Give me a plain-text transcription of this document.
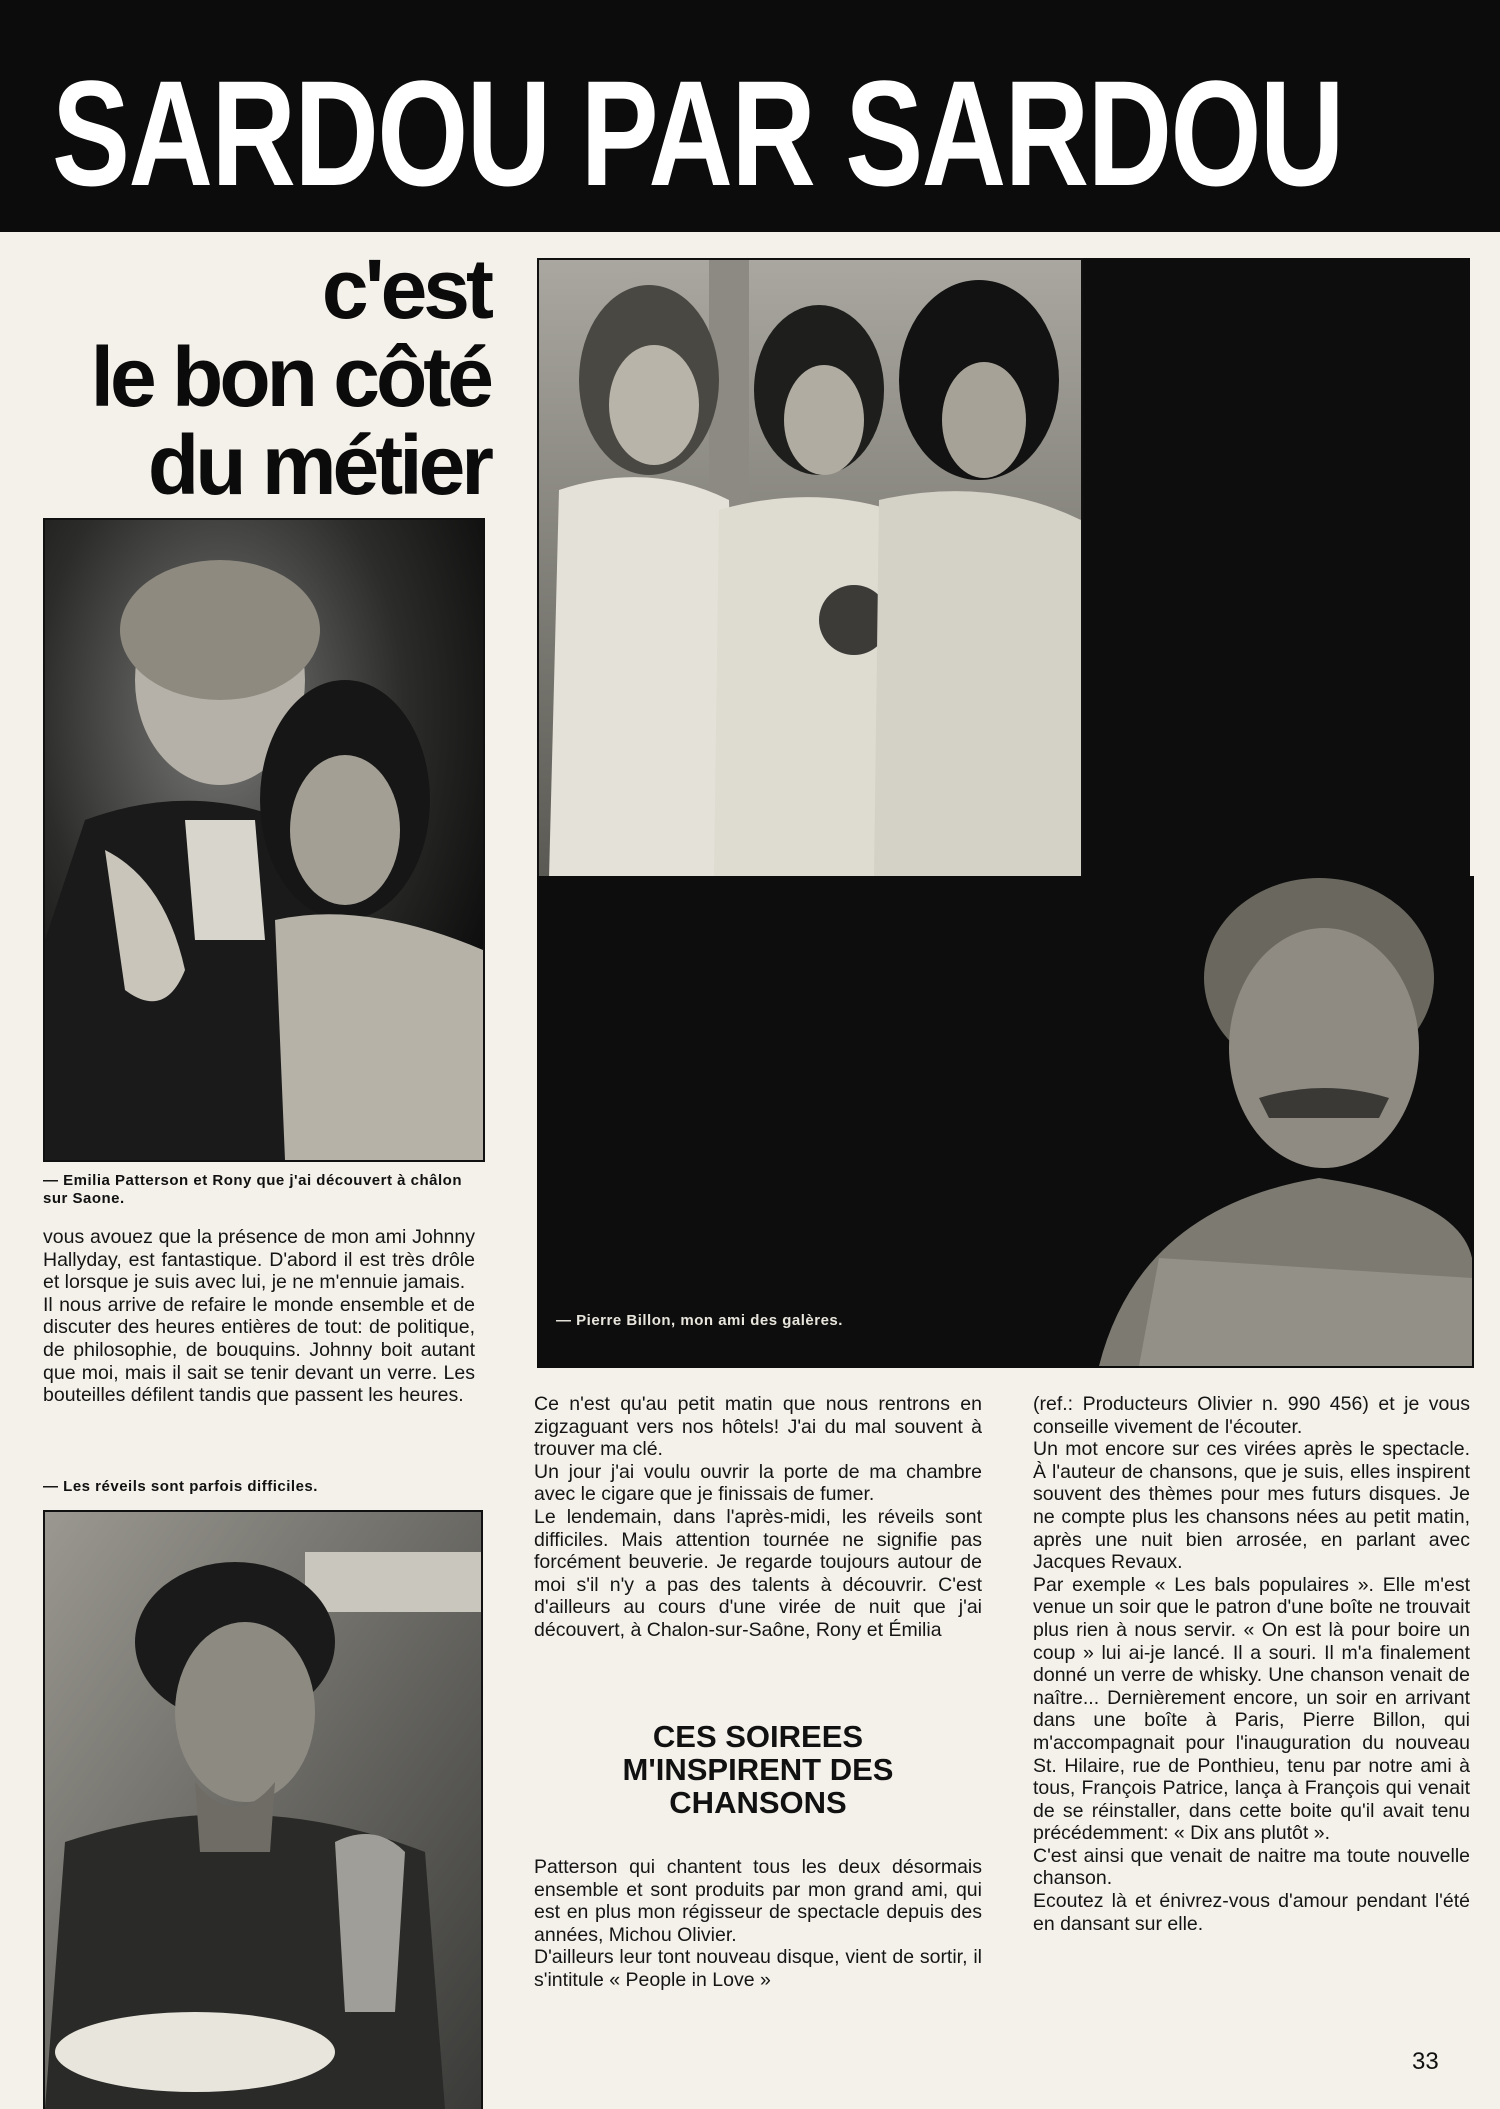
SARDOU PAR SARDOU
c'est
le bon côté
du métier
— Emilia Patterson et Rony que j'ai découvert à châlon sur Saone.

vous avouez que la présence de mon ami Johnny Hallyday, est fantastique. D'abord il est très drôle et lorsque je suis avec lui, je ne m'ennuie jamais.

Il nous arrive de refaire le monde ensemble et de discuter des heures entières de tout: de politique, de philosophie, de bouquins. Johnny boit autant que moi, mais il sait se tenir devant un verre. Les bouteilles défilent tandis que passent les heures.

— Les réveils sont parfois difficiles.
— Pierre Billon, mon ami des galères.

Ce n'est qu'au petit matin que nous rentrons en zigzaguant vers nos hôtels! J'ai du mal souvent à trouver ma clé.

Un jour j'ai voulu ouvrir la porte de ma chambre avec le cigare que je finissais de fumer.

Le lendemain, dans l'après-midi, les réveils sont difficiles. Mais attention tournée ne signifie pas forcément beuverie. Je regarde toujours autour de moi s'il n'y a pas des talents à découvrir. C'est d'ailleurs au cours d'une virée de nuit que j'ai découvert, à Chalon-sur-Saône, Rony et Émilia

CES SOIREES M'INSPIRENT DES CHANSONS

Patterson qui chantent tous les deux désormais ensemble et sont produits par mon grand ami, qui est en plus mon régisseur de spectacle depuis des années, Michou Olivier.

D'ailleurs leur tont nouveau disque, vient de sortir, il s'intitule « People in Love »

(ref.: Producteurs Olivier n. 990 456) et je vous conseille vivement de l'écouter.

Un mot encore sur ces virées après le spectacle. À l'auteur de chansons, que je suis, elles inspirent souvent des thèmes pour mes futurs disques. Je ne compte plus les chansons nées au petit matin, après une nuit bien arrosée, en parlant avec Jacques Revaux.

Par exemple « Les bals populaires ». Elle m'est venue un soir que le patron d'une boîte ne trouvait plus rien à nous servir. « On est là pour boire un coup » lui ai-je lancé. Il a souri. Il m'a finalement donné un verre de whisky. Une chanson venait de naître... Dernièrement encore, un soir en arrivant dans une boîte à Paris, Pierre Billon, qui m'accompagnait pour l'inauguration du nouveau St. Hilaire, rue de Ponthieu, tenu par notre ami à tous, François Patrice, lança à François qui venait de se réinstaller, dans cette boite qu'il avait tenu précédemment: « Dix ans plutôt ».

C'est ainsi que venait de naitre ma toute nouvelle chanson.

Ecoutez là et énivrez-vous d'amour pendant l'été en dansant sur elle.

33
